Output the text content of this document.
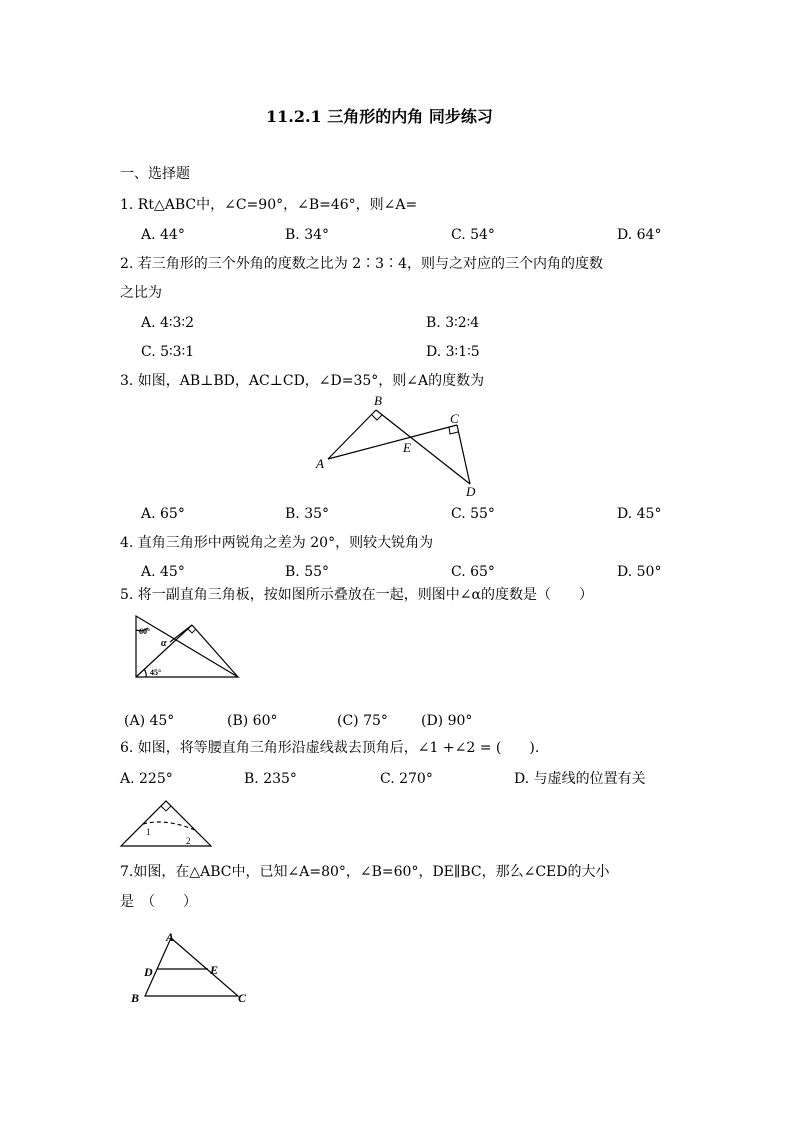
11.2.1 三角形的内角 同步练习
一、选择题
1. Rt△ABC中，∠C=90°，∠B=46°，则∠A=
A. 44°	B. 34°	C. 54°	D. 64°
2. 若三角形的三个外角的度数之比为 2∶3∶4，则与之对应的三个内角的度数
之比为
A. 4∶3∶2	B. 3∶2∶4
C. 5∶3∶1	D. 3∶1∶5
3. 如图，AB⊥BD，AC⊥CD，∠D=35°，则∠A的度数为
A
B
C
D
E
A. 65°	B. 35°	C. 55°	D. 45°
4. 直角三角形中两锐角之差为 20°，则较大锐角为
A. 45°	B. 55°	C. 65°	D. 50°
5. 将一副直角三角板，按如图所示叠放在一起，则图中∠α的度数是（　　）
60°
α
45°
(A) 45°	(B) 60°	(C) 75° (D) 90°
6. 如图，将等腰直角三角形沿虚线裁去顶角后，∠1 +∠2 = (　　).
A. 225°	B. 235°	C. 270°	D. 与虚线的位置有关
1
2
7.如图，在△ABC中，已知∠A=80°，∠B=60°，DE∥BC，那么∠CED的大小
是　（　　）
A
D	E
B	C
